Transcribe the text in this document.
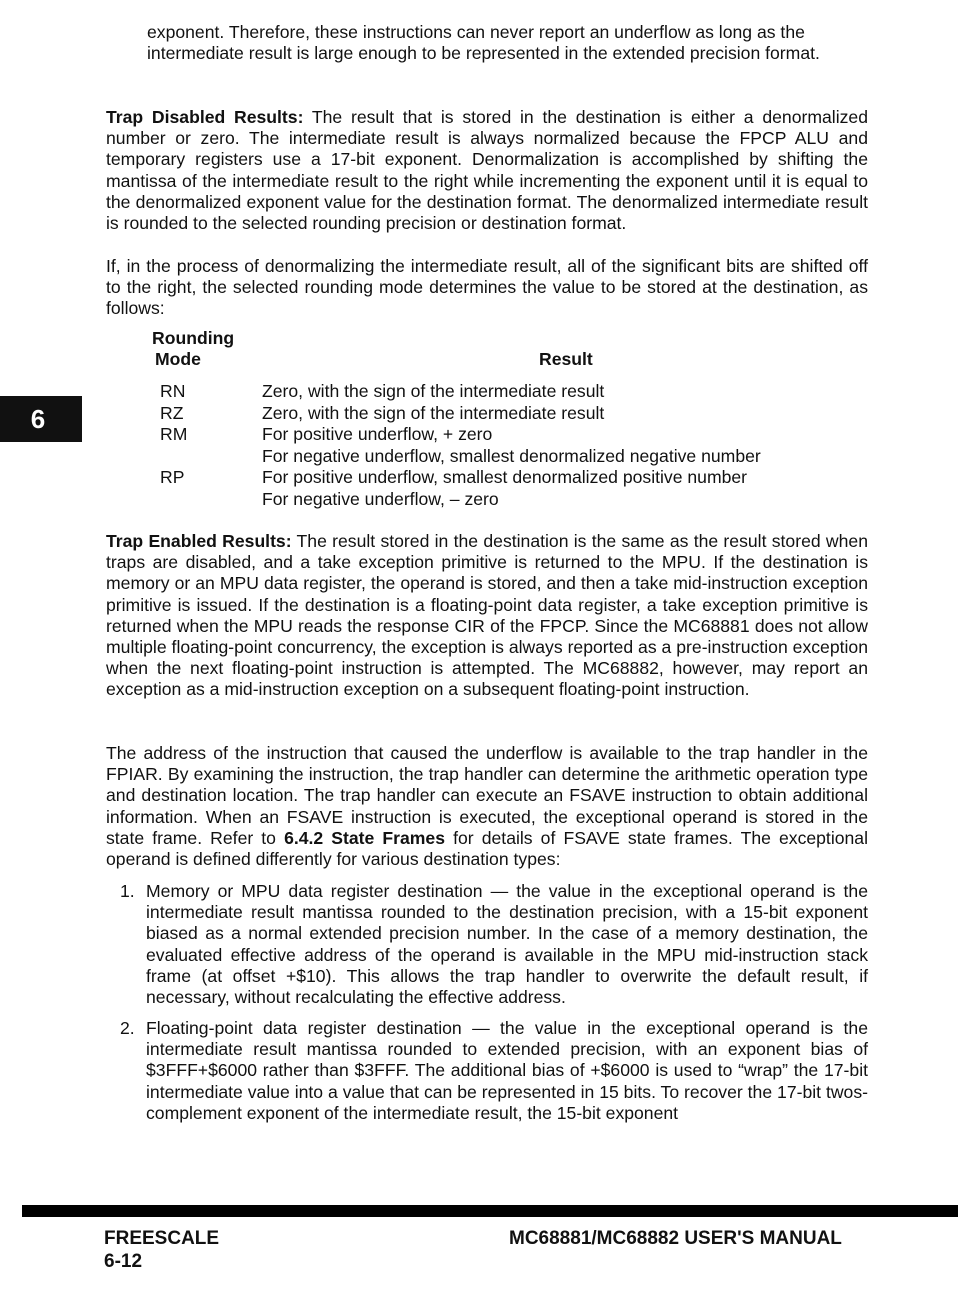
exponent. Therefore, these instructions can never report an underflow as long as the intermediate result is large enough to be represented in the extended precision format.

Trap Disabled Results: The result that is stored in the destination is either a denormalized number or zero. The intermediate result is always normalized because the FPCP ALU and temporary registers use a 17-bit exponent. Denormalization is accomplished by shifting the mantissa of the intermediate result to the right while incrementing the exponent until it is equal to the denormalized exponent value for the destination format. The denormalized intermediate result is rounded to the selected rounding precision or destination format.

If, in the process of denormalizing the intermediate result, all of the significant bits are shifted off to the right, the selected rounding mode determines the value to be stored at the destination, as follows:

Rounding
Mode	Result
RN	Zero, with the sign of the intermediate result
RZ	Zero, with the sign of the intermediate result
RM	For positive underflow, + zero
For negative underflow, smallest denormalized negative number
RP	For positive underflow, smallest denormalized positive number
For negative underflow, – zero

Trap Enabled Results: The result stored in the destination is the same as the result stored when traps are disabled, and a take exception primitive is returned to the MPU. If the destination is memory or an MPU data register, the operand is stored, and then a take mid-instruction exception primitive is issued. If the destination is a floating-point data register, a take exception primitive is returned when the MPU reads the response CIR of the FPCP. Since the MC68881 does not allow multiple floating-point concurrency, the exception is always reported as a pre-instruction exception when the next floating-point instruction is attempted. The MC68882, however, may report an exception as a mid-instruction exception on a subsequent floating-point instruction.

The address of the instruction that caused the underflow is available to the trap handler in the FPIAR. By examining the instruction, the trap handler can determine the arithmetic operation type and destination location. The trap handler can execute an FSAVE instruction to obtain additional information. When an FSAVE instruction is executed, the exceptional operand is stored in the state frame. Refer to 6.4.2 State Frames for details of FSAVE state frames. The exceptional operand is defined differently for various destination types:

1. Memory or MPU data register destination — the value in the exceptional operand is the intermediate result mantissa rounded to the destination precision, with a 15-bit exponent biased as a normal extended precision number. In the case of a memory destination, the evaluated effective address of the operand is available in the MPU mid-instruction stack frame (at offset +$10). This allows the trap handler to overwrite the default result, if necessary, without recalculating the effective address.
2. Floating-point data register destination — the value in the exceptional operand is the intermediate result mantissa rounded to extended precision, with an exponent bias of $3FFF+$6000 rather than $3FFF. The additional bias of +$6000 is used to “wrap” the 17-bit intermediate value into a value that can be represented in 15 bits. To recover the 17-bit twos-complement exponent of the intermediate result, the 15-bit exponent
6
FREESCALE
6-12
MC68881/MC68882 USER'S MANUAL
